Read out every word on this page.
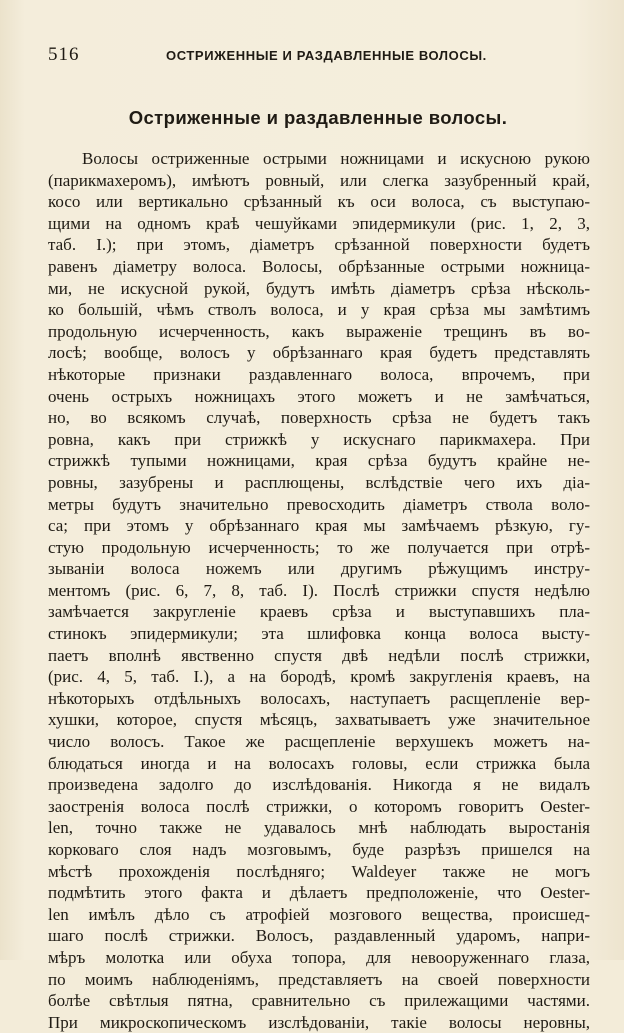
516	ОСТРИЖЕННЫЕ И РАЗДАВЛЕННЫЕ ВОЛОСЫ.
Остриженные и раздавленные волосы.
Волосы остриженные острыми ножницами и искусною рукою
(парикмахеромъ), имѣютъ ровный, или слегка зазубренный край,
косо или вертикально срѣзанный къ оси волоса, съ выступаю-
щими на одномъ краѣ чешуйками эпидермикули (рис. 1, 2, 3,
таб. I.); при этомъ, діаметръ срѣзанной поверхности будетъ
равенъ діаметру волоса. Волосы, обрѣзанные острыми ножница-
ми, не искусной рукой, будутъ имѣть діаметръ срѣза нѣсколь-
ко большій, чѣмъ стволъ волоса, и у края срѣза мы замѣтимъ
продольную исчерченность, какъ выраженіе трещинъ въ во-
лосѣ; вообще, волосъ у обрѣзаннаго края будетъ представлять
нѣкоторые признаки раздавленнаго волоса, впрочемъ, при
очень острыхъ ножницахъ этого можетъ и не замѣчаться,
но, во всякомъ случаѣ, поверхность срѣза не будетъ такъ
ровна, какъ при стрижкѣ у искуснаго парикмахера. При
стрижкѣ тупыми ножницами, края срѣза будутъ крайне не-
ровны, зазубрены и расплющены, вслѣдствіе чего ихъ діа-
метры будутъ значительно превосходить діаметръ ствола воло-
са; при этомъ у обрѣзаннаго края мы замѣчаемъ рѣзкую, гу-
стую продольную исчерченность; то же получается при отрѣ-
зываніи волоса ножемъ или другимъ рѣжущимъ инстру-
ментомъ (рис. 6, 7, 8, таб. I). Послѣ стрижки спустя недѣлю
замѣчается закругленіе краевъ срѣза и выступавшихъ пла-
стинокъ эпидермикули; эта шлифовка конца волоса высту-
паетъ вполнѣ явственно спустя двѣ недѣли послѣ стрижки,
(рис. 4, 5, таб. I.), а на бородѣ, кромѣ закругленія краевъ, на
нѣкоторыхъ отдѣльныхъ волосахъ, наступаетъ расщепленіе вер-
хушки, которое, спустя мѣсяцъ, захватываетъ уже значительное
число волосъ. Такое же расщепленіе верхушекъ можетъ на-
блюдаться иногда и на волосахъ головы, если стрижка была
произведена задолго до изслѣдованія. Никогда я не видалъ
заостренія волоса послѣ стрижки, о которомъ говоритъ Oester-
len, точно также не удавалось мнѣ наблюдать выростанія
корковаго слоя надъ мозговымъ, буде разрѣзъ пришелся на
мѣстѣ прохожденія послѣдняго; Waldeyer также не могъ
подмѣтить этого факта и дѣлаетъ предположеніе, что Oester-
len имѣлъ дѣло съ атрофіей мозгового вещества, происшед-
шаго послѣ стрижки. Волосъ, раздавленный ударомъ, напри-
мѣръ молотка или обуха топора, для невооруженнаго глаза,
по моимъ наблюденіямъ, представляетъ на своей поверхности
болѣе свѣтлыя пятна, сравнительно съ прилежащими частями.
При микроскопическомъ изслѣдованіи, такіе волосы неровны,
